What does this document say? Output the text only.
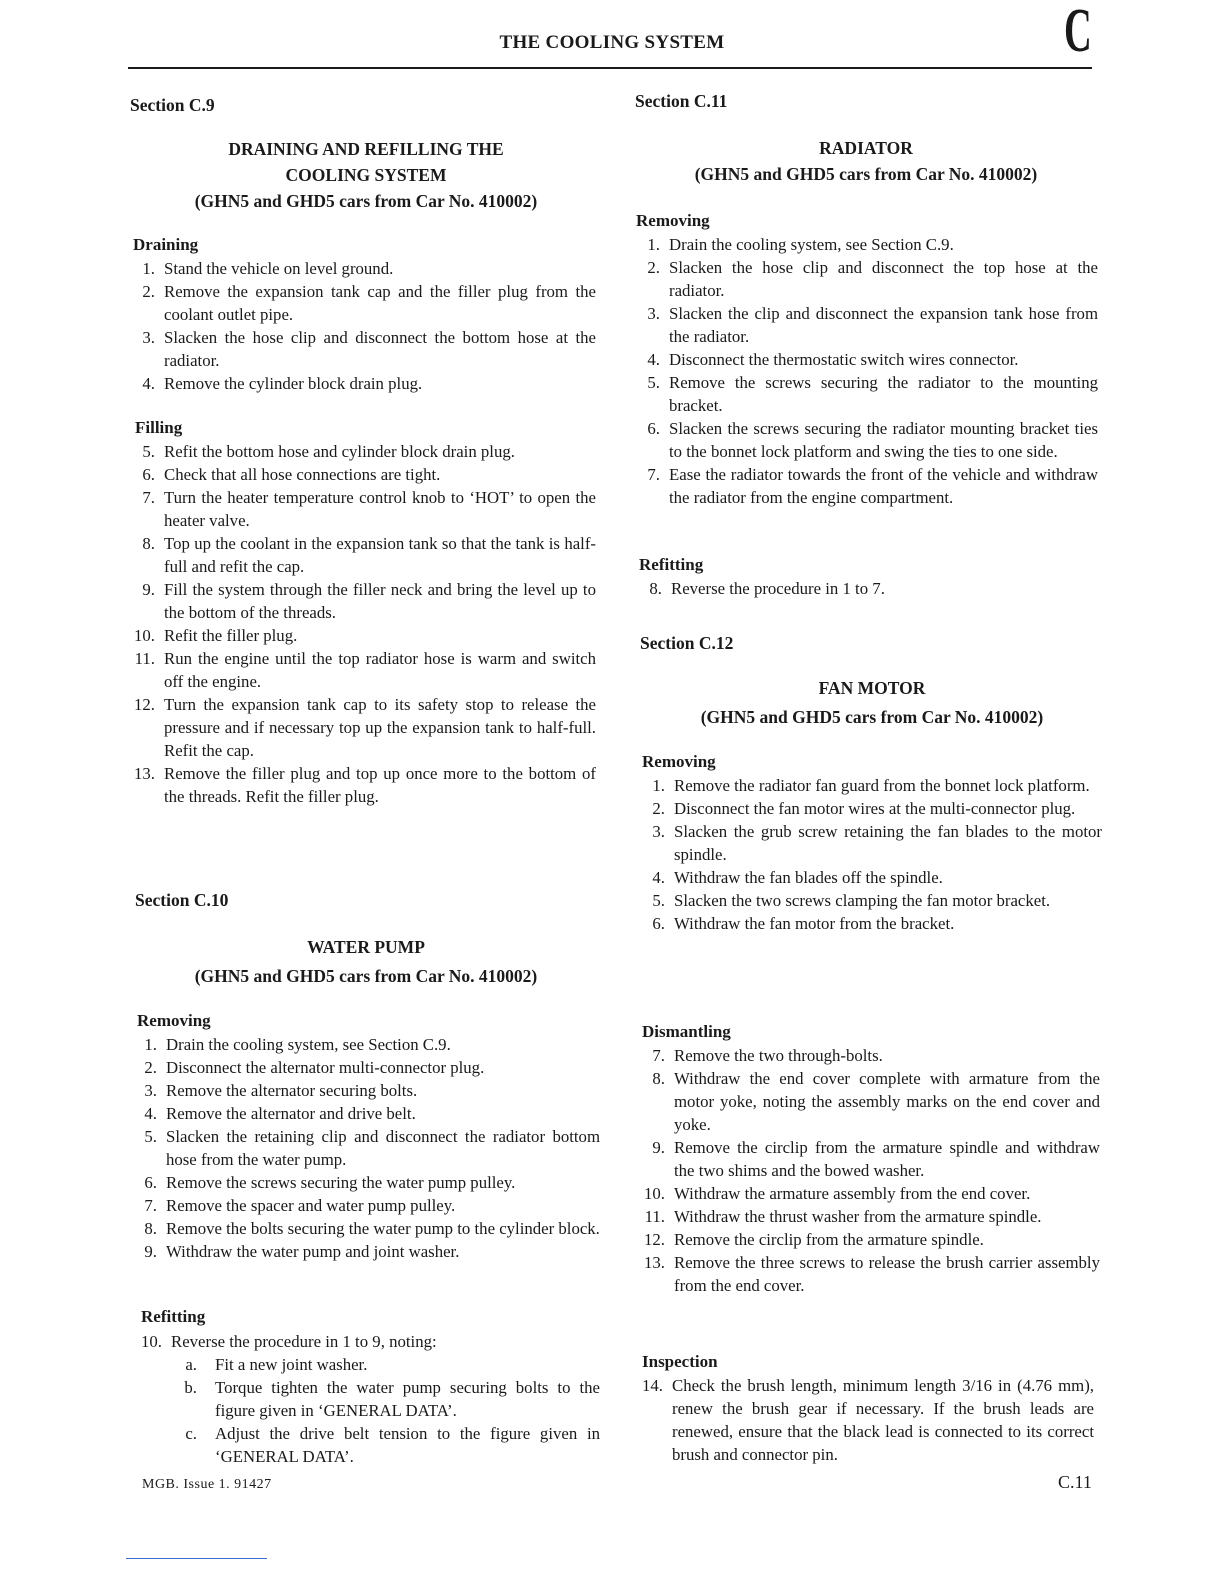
THE COOLING SYSTEM	C
Section C.9
DRAINING AND REFILLING THE
COOLING SYSTEM
(GHN5 and GHD5 cars from Car No. 410002)
Draining
1. Stand the vehicle on level ground.
2. Remove the expansion tank cap and the filler plug from the coolant outlet pipe.
3. Slacken the hose clip and disconnect the bottom hose at the radiator.
4. Remove the cylinder block drain plug.
Filling
5. Refit the bottom hose and cylinder block drain plug.
6. Check that all hose connections are tight.
7. Turn the heater temperature control knob to ‘HOT’ to open the heater valve.
8. Top up the coolant in the expansion tank so that the tank is half-full and refit the cap.
9. Fill the system through the filler neck and bring the level up to the bottom of the threads.
10. Refit the filler plug.
11. Run the engine until the top radiator hose is warm and switch off the engine.
12. Turn the expansion tank cap to its safety stop to release the pressure and if necessary top up the expansion tank to half-full. Refit the cap.
13. Remove the filler plug and top up once more to the bottom of the threads. Refit the filler plug.
Section C.10
WATER PUMP
(GHN5 and GHD5 cars from Car No. 410002)
Removing
1. Drain the cooling system, see Section C.9.
2. Disconnect the alternator multi-connector plug.
3. Remove the alternator securing bolts.
4. Remove the alternator and drive belt.
5. Slacken the retaining clip and disconnect the radiator bottom hose from the water pump.
6. Remove the screws securing the water pump pulley.
7. Remove the spacer and water pump pulley.
8. Remove the bolts securing the water pump to the cylinder block.
9. Withdraw the water pump and joint washer.
Refitting
10. Reverse the procedure in 1 to 9, noting:
a.	Fit a new joint washer.
b.	Torque tighten the water pump securing bolts to the figure given in ‘GENERAL DATA’.
c.	Adjust the drive belt tension to the figure given in ‘GENERAL DATA’.
MGB. Issue 1. 91427
Section C.11
RADIATOR
(GHN5 and GHD5 cars from Car No. 410002)
Removing
1. Drain the cooling system, see Section C.9.
2. Slacken the hose clip and disconnect the top hose at the radiator.
3. Slacken the clip and disconnect the expansion tank hose from the radiator.
4. Disconnect the thermostatic switch wires connector.
5. Remove the screws securing the radiator to the mounting bracket.
6. Slacken the screws securing the radiator mounting bracket ties to the bonnet lock platform and swing the ties to one side.
7. Ease the radiator towards the front of the vehicle and withdraw the radiator from the engine compartment.
Refitting
8. Reverse the procedure in 1 to 7.
Section C.12
FAN MOTOR
(GHN5 and GHD5 cars from Car No. 410002)
Removing
1. Remove the radiator fan guard from the bonnet lock platform.
2. Disconnect the fan motor wires at the multi-connector plug.
3. Slacken the grub screw retaining the fan blades to the motor spindle.
4. Withdraw the fan blades off the spindle.
5. Slacken the two screws clamping the fan motor bracket.
6. Withdraw the fan motor from the bracket.
Dismantling
7. Remove the two through-bolts.
8. Withdraw the end cover complete with armature from the motor yoke, noting the assembly marks on the end cover and yoke.
9. Remove the circlip from the armature spindle and withdraw the two shims and the bowed washer.
10. Withdraw the armature assembly from the end cover.
11. Withdraw the thrust washer from the armature spindle.
12. Remove the circlip from the armature spindle.
13. Remove the three screws to release the brush carrier assembly from the end cover.
Inspection
14. Check the brush length, minimum length 3/16 in (4.76 mm), renew the brush gear if necessary. If the brush leads are renewed, ensure that the black lead is connected to its correct brush and connector pin.
C.11
